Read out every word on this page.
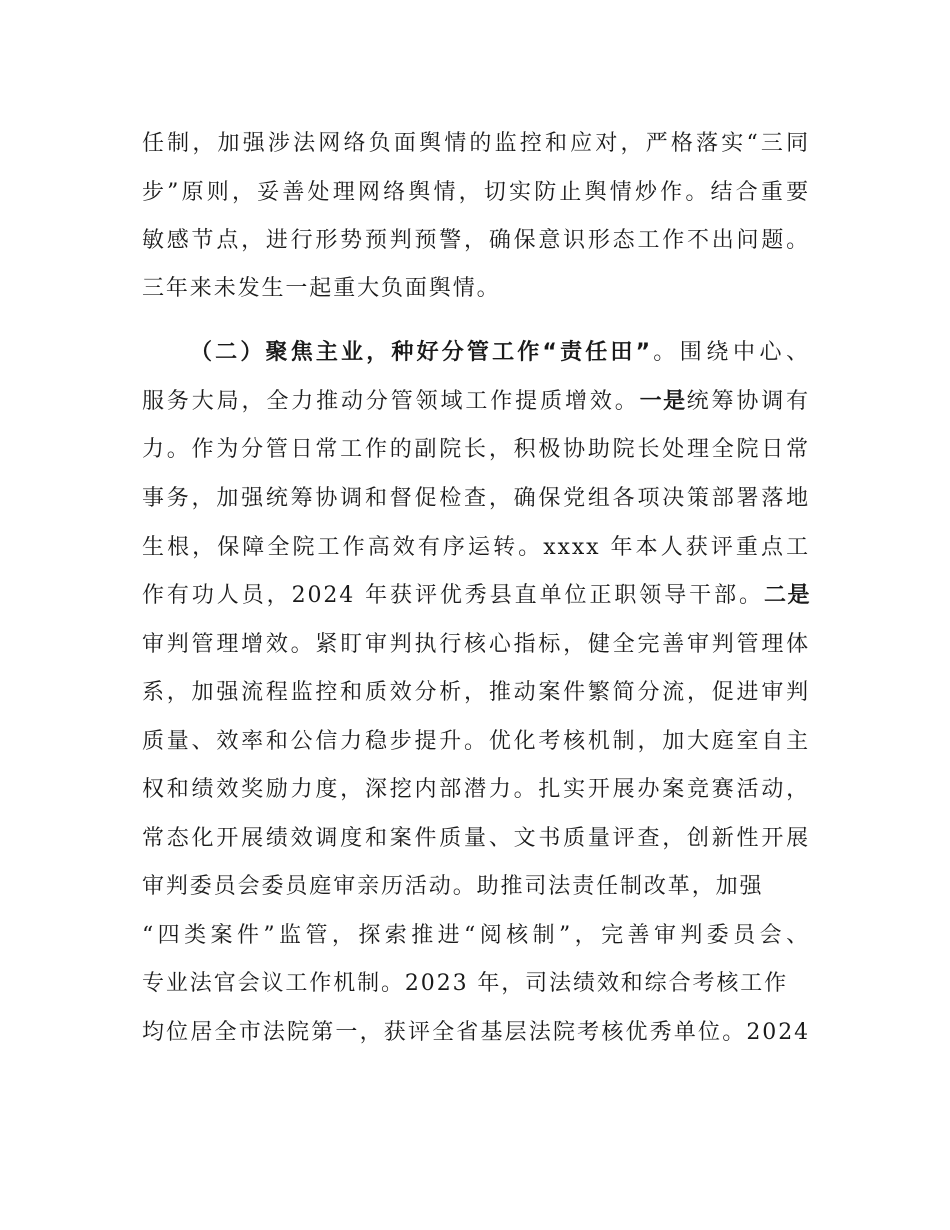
任制，加强涉法网络负面舆情的监控和应对，严格落实“三同
步”原则，妥善处理网络舆情，切实防止舆情炒作。结合重要
敏感节点，进行形势预判预警，确保意识形态工作不出问题。
三年来未发生一起重大负面舆情。
（二）聚焦主业，种好分管工作“责任田”。围绕中心、
服务大局，全力推动分管领域工作提质增效。一是统筹协调有
力。作为分管日常工作的副院长，积极协助院长处理全院日常
事务，加强统筹协调和督促检查，确保党组各项决策部署落地
生根，保障全院工作高效有序运转。xxxx 年本人获评重点工
作有功人员，2024 年获评优秀县直单位正职领导干部。二是
审判管理增效。紧盯审判执行核心指标，健全完善审判管理体
系，加强流程监控和质效分析，推动案件繁简分流，促进审判
质量、效率和公信力稳步提升。优化考核机制，加大庭室自主
权和绩效奖励力度，深挖内部潜力。扎实开展办案竞赛活动，
常态化开展绩效调度和案件质量、文书质量评查，创新性开展
审判委员会委员庭审亲历活动。助推司法责任制改革，加强
“四类案件”监管，探索推进“阅核制”，完善审判委员会、
专业法官会议工作机制。2023 年，司法绩效和综合考核工作
均位居全市法院第一，获评全省基层法院考核优秀单位。2024
